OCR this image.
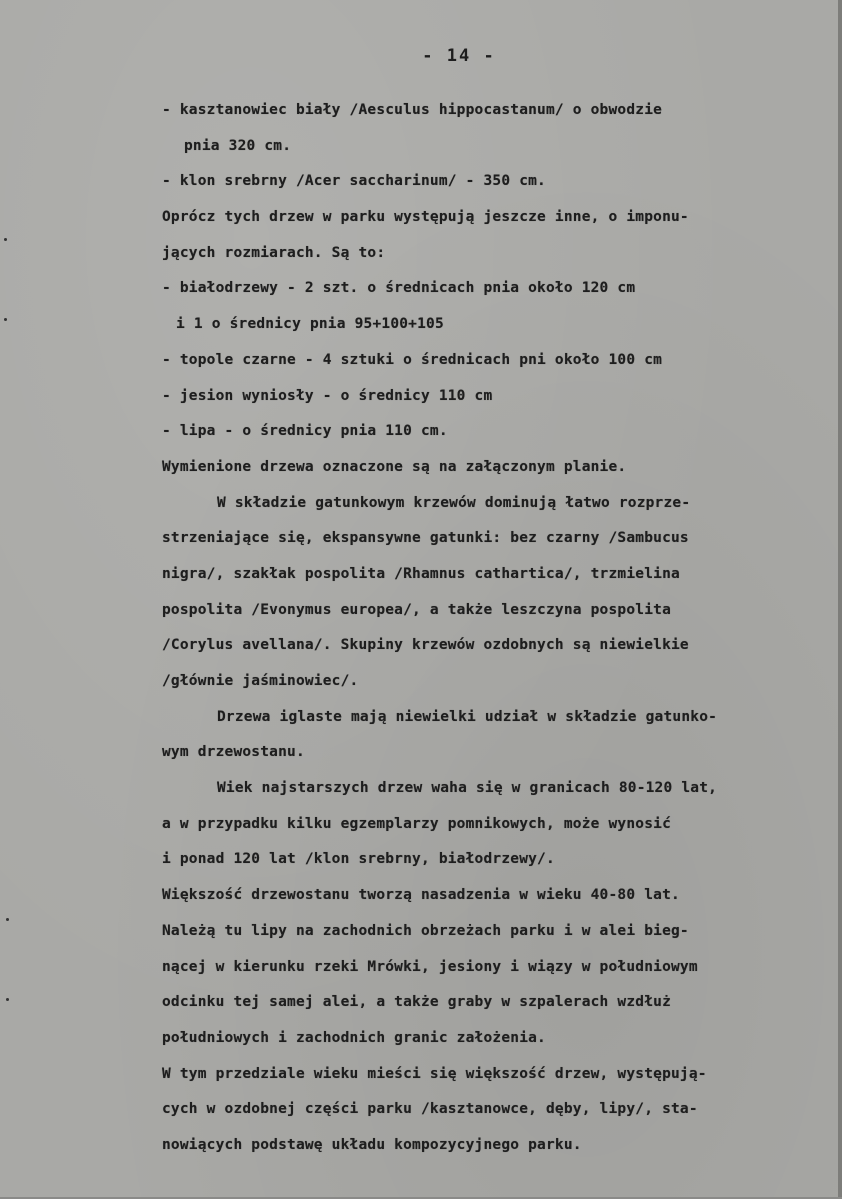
- 14 -
- kasztanowiec biały /Aesculus hippocastanum/ o obwodzie
pnia 320 cm.
- klon srebrny /Acer saccharinum/ - 350 cm.
Oprócz tych drzew w parku występują jeszcze inne, o imponu-
jących rozmiarach. Są to:
- białodrzewy - 2 szt. o średnicach pnia około 120 cm
i 1 o średnicy pnia 95+100+105
- topole czarne - 4 sztuki o średnicach pni około 100 cm
- jesion wyniosły - o średnicy 110 cm
- lipa - o średnicy pnia 110 cm.
Wymienione drzewa oznaczone są na załączonym planie.
W składzie gatunkowym krzewów dominują łatwo rozprze-
strzeniające się, ekspansywne gatunki: bez czarny /Sambucus
nigra/, szakłak pospolita /Rhamnus cathartica/, trzmielina
pospolita /Evonymus europea/, a także leszczyna pospolita
/Corylus avellana/. Skupiny krzewów ozdobnych są niewielkie
/głównie jaśminowiec/.
Drzewa iglaste mają niewielki udział w składzie gatunko-
wym drzewostanu.
Wiek najstarszych drzew waha się w granicach 80-120 lat,
a w przypadku kilku egzemplarzy pomnikowych, może wynosić
i ponad 120 lat /klon srebrny, białodrzewy/.
Większość drzewostanu tworzą nasadzenia w wieku 40-80 lat.
Należą tu lipy na zachodnich obrzeżach parku i w alei bieg-
nącej w kierunku rzeki Mrówki, jesiony i wiązy w południowym
odcinku tej samej alei, a także graby w szpalerach wzdłuż
południowych i zachodnich granic założenia.
W tym przedziale wieku mieści się większość drzew, występują-
cych w ozdobnej części parku /kasztanowce, dęby, lipy/, sta-
nowiących podstawę układu kompozycyjnego parku.
